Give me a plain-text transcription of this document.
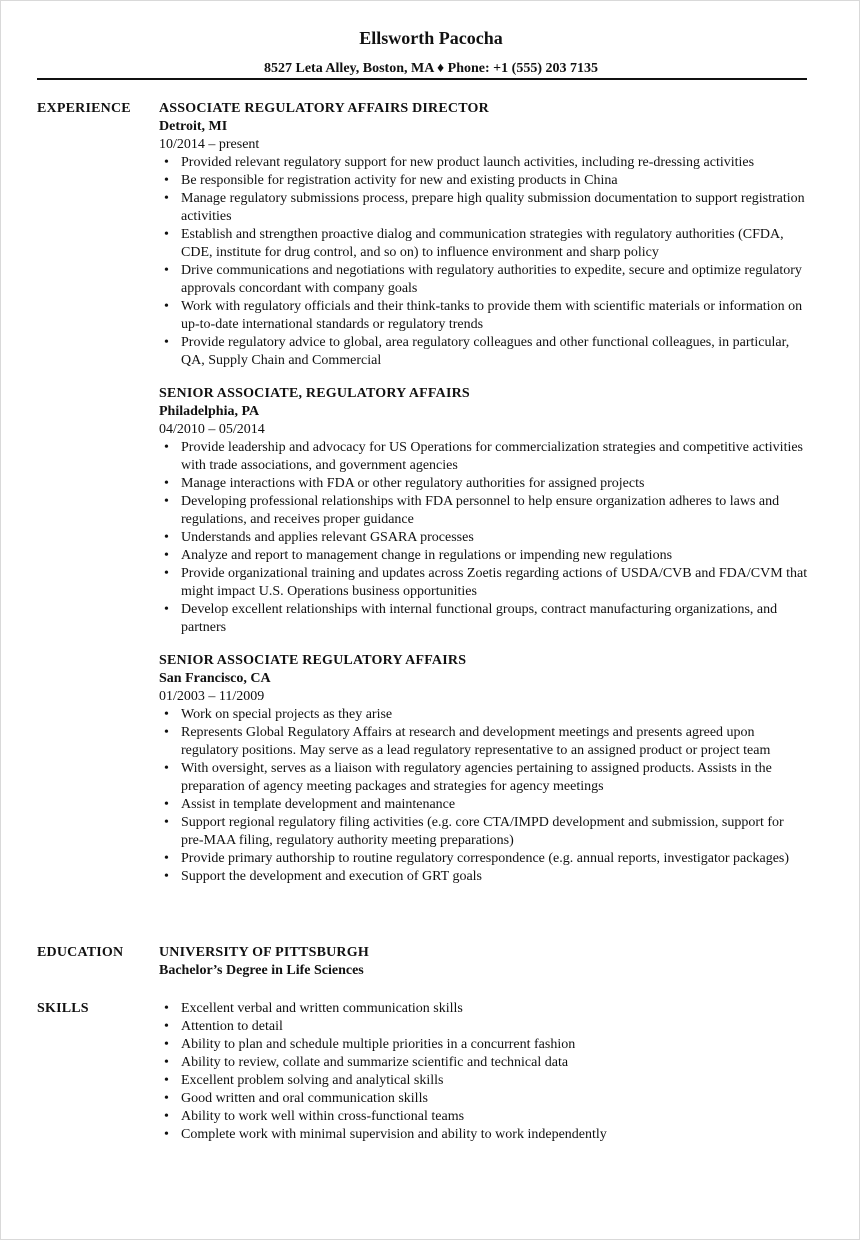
Ellsworth Pacocha
8527 Leta Alley, Boston, MA ♦ Phone: +1 (555) 203 7135
EXPERIENCE ASSOCIATE REGULATORY AFFAIRS DIRECTOR
Detroit, MI
10/2014 – present
• Provided relevant regulatory support for new product launch activities, including re-dressing activities
• Be responsible for registration activity for new and existing products in China
• Manage regulatory submissions process, prepare high quality submission documentation to support registration activities
• Establish and strengthen proactive dialog and communication strategies with regulatory authorities (CFDA, CDE, institute for drug control, and so on) to influence environment and sharp policy
• Drive communications and negotiations with regulatory authorities to expedite, secure and optimize regulatory approvals concordant with company goals
• Work with regulatory officials and their think-tanks to provide them with scientific materials or information on up-to-date international standards or regulatory trends
• Provide regulatory advice to global, area regulatory colleagues and other functional colleagues, in particular, QA, Supply Chain and Commercial
SENIOR ASSOCIATE, REGULATORY AFFAIRS
Philadelphia, PA
04/2010 – 05/2014
• Provide leadership and advocacy for US Operations for commercialization strategies and competitive activities with trade associations, and government agencies
• Manage interactions with FDA or other regulatory authorities for assigned projects
• Developing professional relationships with FDA personnel to help ensure organization adheres to laws and regulations, and receives proper guidance
• Understands and applies relevant GSARA processes
• Analyze and report to management change in regulations or impending new regulations
• Provide organizational training and updates across Zoetis regarding actions of USDA/CVB and FDA/CVM that might impact U.S. Operations business opportunities
• Develop excellent relationships with internal functional groups, contract manufacturing organizations, and partners
SENIOR ASSOCIATE REGULATORY AFFAIRS
San Francisco, CA
01/2003 – 11/2009
• Work on special projects as they arise
• Represents Global Regulatory Affairs at research and development meetings and presents agreed upon regulatory positions. May serve as a lead regulatory representative to an assigned product or project team
• With oversight, serves as a liaison with regulatory agencies pertaining to assigned products. Assists in the preparation of agency meeting packages and strategies for agency meetings
• Assist in template development and maintenance
• Support regional regulatory filing activities (e.g. core CTA/IMPD development and submission, support for pre-MAA filing, regulatory authority meeting preparations)
• Provide primary authorship to routine regulatory correspondence (e.g. annual reports, investigator packages)
• Support the development and execution of GRT goals
EDUCATION	UNIVERSITY OF PITTSBURGH
Bachelor’s Degree in Life Sciences
SKILLS
•	Excellent verbal and written communication skills
• Attention to detail
• Ability to plan and schedule multiple priorities in a concurrent fashion
• Ability to review, collate and summarize scientific and technical data
• Excellent problem solving and analytical skills
• Good written and oral communication skills
• Ability to work well within cross-functional teams
• Complete work with minimal supervision and ability to work independently
